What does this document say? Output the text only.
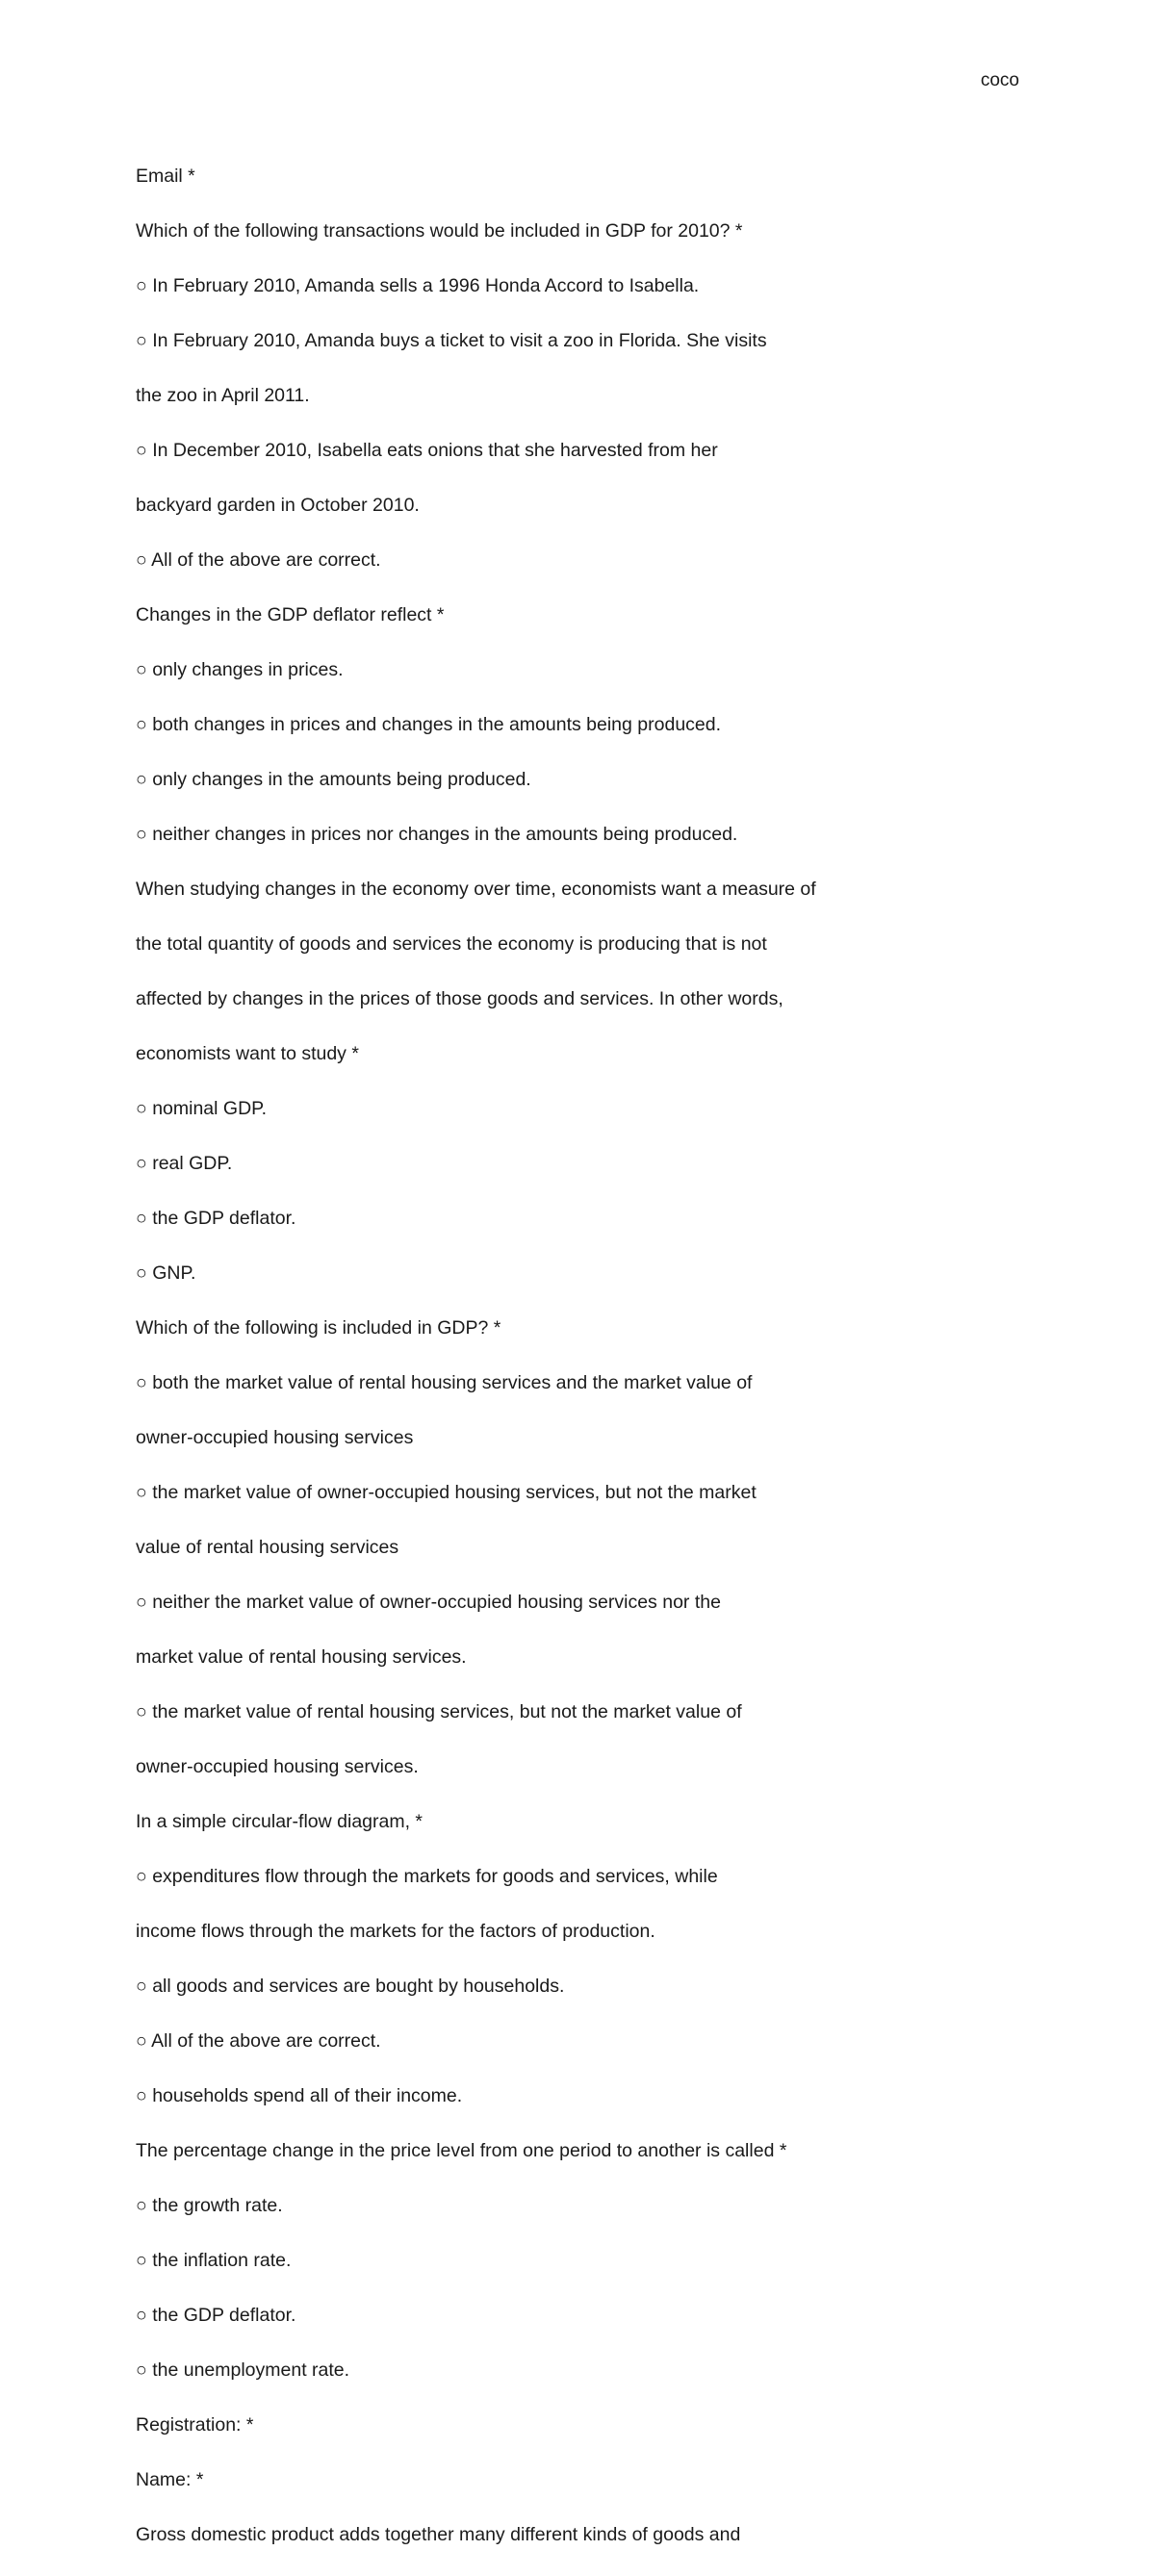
coco

Email *

Which of the following transactions would be included in GDP for 2010? *

○ In February 2010, Amanda sells a 1996 Honda Accord to Isabella.

○ In February 2010, Amanda buys a ticket to visit a zoo in Florida. She visits

the zoo in April 2011.

○ In December 2010, Isabella eats onions that she harvested from her

backyard garden in October 2010.

○ All of the above are correct.

Changes in the GDP deflator reflect *

○ only changes in prices.

○ both changes in prices and changes in the amounts being produced.

○ only changes in the amounts being produced.

○ neither changes in prices nor changes in the amounts being produced.

When studying changes in the economy over time, economists want a measure of

the total quantity of goods and services the economy is producing that is not

affected by changes in the prices of those goods and services. In other words,

economists want to study *

○ nominal GDP.

○ real GDP.

○ the GDP deflator.

○ GNP.

Which of the following is included in GDP? *

○ both the market value of rental housing services and the market value of

owner-occupied housing services

○ the market value of owner-occupied housing services, but not the market

value of rental housing services

○ neither the market value of owner-occupied housing services nor the

market value of rental housing services.

○ the market value of rental housing services, but not the market value of

owner-occupied housing services.

In a simple circular-flow diagram, *

○ expenditures flow through the markets for goods and services, while

income flows through the markets for the factors of production.

○ all goods and services are bought by households.

○ All of the above are correct.

○ households spend all of their income.

The percentage change in the price level from one period to another is called *

○ the growth rate.

○ the inflation rate.

○ the GDP deflator.

○ the unemployment rate.

Registration: *

Name: *

Gross domestic product adds together many different kinds of goods and
